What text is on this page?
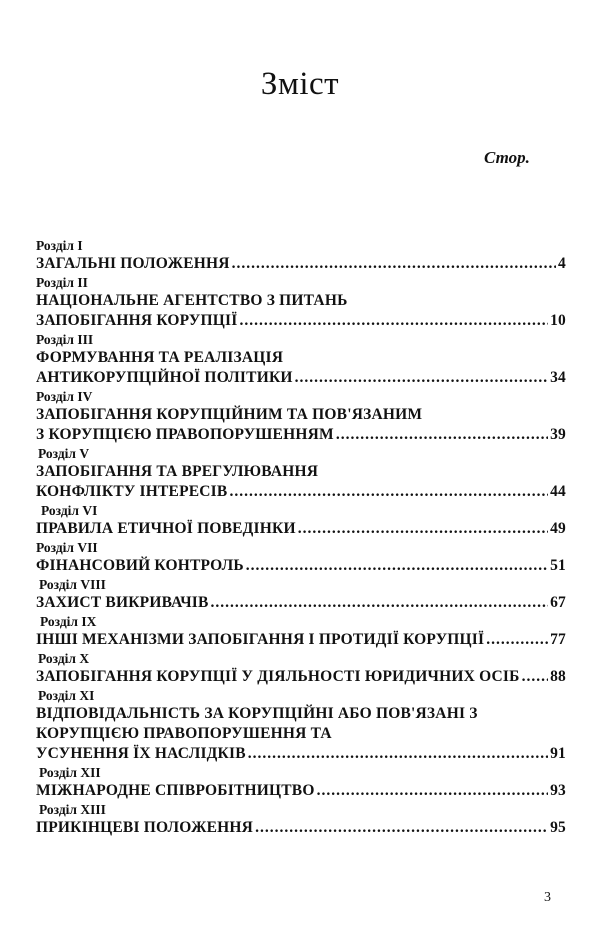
Зміст
Стор.
Розділ I
ЗАГАЛЬНІ ПОЛОЖЕННЯ .....	4
Розділ II
НАЦІОНАЛЬНЕ АГЕНТСТВО З ПИТАНЬ
ЗАПОБІГАННЯ КОРУПЦІЇ .....	10
Розділ III
ФОРМУВАННЯ ТА РЕАЛІЗАЦІЯ
АНТИКОРУПЦІЙНОЇ ПОЛІТИКИ .....	34
Розділ IV
ЗАПОБІГАННЯ КОРУПЦІЙНИМ ТА ПОВ'ЯЗАНИМ
З КОРУПЦІЄЮ ПРАВОПОРУШЕННЯМ .....	39
Розділ V
ЗАПОБІГАННЯ ТА ВРЕГУЛЮВАННЯ
КОНФЛІКТУ ІНТЕРЕСІВ .....	44
Розділ VI
ПРАВИЛА ЕТИЧНОЇ ПОВЕДІНКИ .....	49
Розділ VII
ФІНАНСОВИЙ КОНТРОЛЬ .....	51
Розділ VIII
ЗАХИСТ ВИКРИВАЧІВ .....	67
Розділ IX
ІНШІ МЕХАНІЗМИ ЗАПОБІГАННЯ І ПРОТИДІЇ КОРУПЦІЇ .....	77
Розділ X
ЗАПОБІГАННЯ КОРУПЦІЇ У ДІЯЛЬНОСТІ ЮРИДИЧНИХ ОСІБ ..... 88
Розділ XI
ВІДПОВІДАЛЬНІСТЬ ЗА КОРУПЦІЙНІ АБО ПОВ'ЯЗАНІ З
КОРУПЦІЄЮ ПРАВОПОРУШЕННЯ ТА
УСУНЕННЯ ЇХ НАСЛІДКІВ .....	91
Розділ XII
МІЖНАРОДНЕ СПІВРОБІТНИЦТВО .....	93
Розділ XIII
ПРИКІНЦЕВІ ПОЛОЖЕННЯ .....	95
3
